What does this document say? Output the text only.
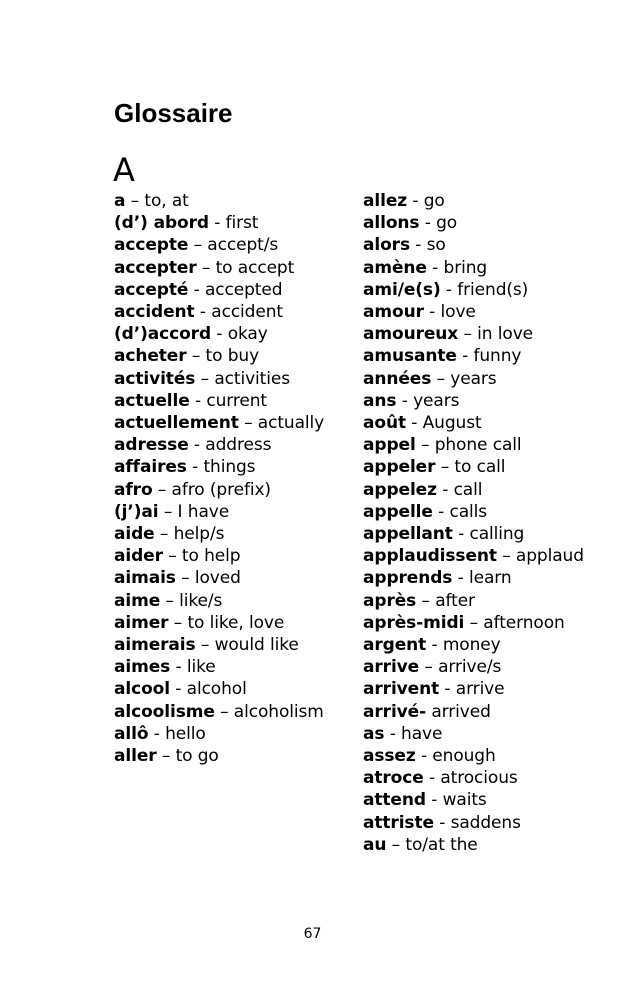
Glossaire
A
a – to, at
(d’) abord - first
accepte – accept/s
accepter – to accept
accepté - accepted
accident - accident
(d’)accord - okay
acheter – to buy
activités – activities
actuelle - current
actuellement – actually
adresse - address
affaires - things
afro – afro (prefix)
(j’)ai – I have
aide – help/s
aider – to help
aimais – loved
aime – like/s
aimer – to like, love
aimerais – would like
aimes - like
alcool - alcohol
alcoolisme – alcoholism
allô - hello
aller – to go
allez - go
allons - go
alors - so
amène - bring
ami/e(s) - friend(s)
amour - love
amoureux – in love
amusante - funny
années – years
ans - years
août - August
appel – phone call
appeler – to call
appelez - call
appelle - calls
appellant - calling
applaudissent – applaud
apprends - learn
après – after
après-midi – afternoon
argent - money
arrive – arrive/s
arrivent - arrive
arrivé- arrived
as - have
assez - enough
atroce - atrocious
attend - waits
attriste - saddens
au – to/at the
67
